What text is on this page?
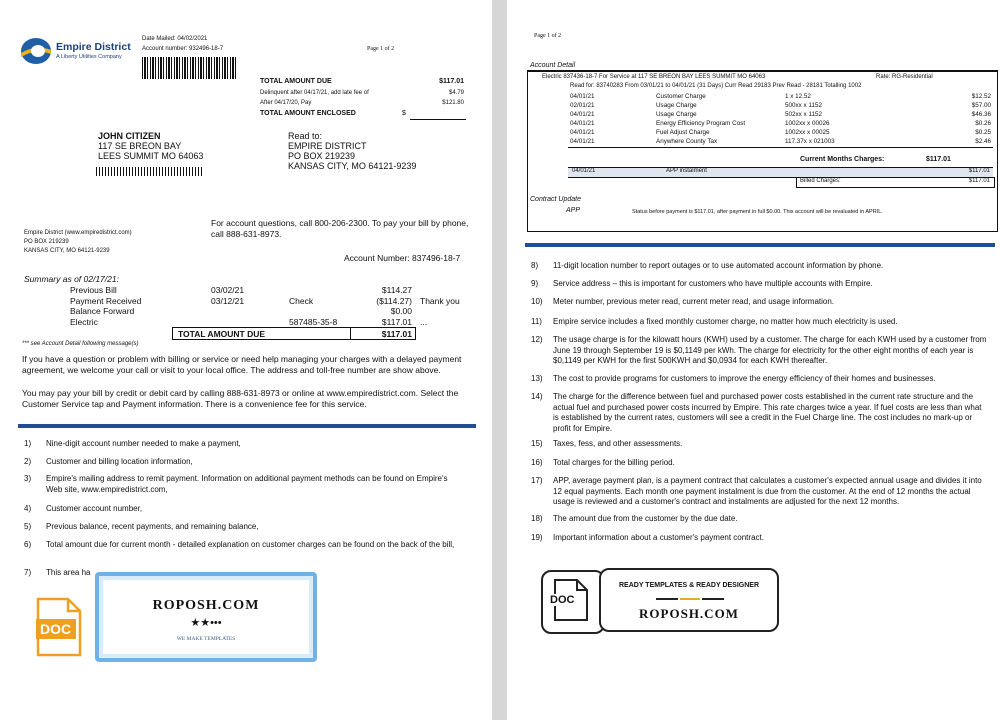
Empire District
A Liberty Utilities Company
Date Mailed: 04/02/2021
Account number: 932496-18-7	Page 1 of 2
TOTAL AMOUNT DUE	$117.01
Delinquent after 04/17/21, add late fee of	$4.79
After 04/17/20, Pay	$121.80
TOTAL AMOUNT ENCLOSED	$
JOHN CITIZEN
117 SE BREON BAY
LEES SUMMIT MO 64063
Read to:
EMPIRE DISTRICT
PO BOX 219239
KANSAS CITY, MO 64121-9239
For account questions, call 800-206-2300. To pay your bill by phone,
call 888-631-8973.
Empire District (www.empiredistrict.com)
PO BOX 219239
KANSAS CITY, MO 64121-9239
Account Number: 837496-18-7
Summary as of 02/17/21:
Previous Bill	03/02/21	$114.27
Payment Received	03/12/21	Check	($114.27) Thank you
Balance Forward	$0.00
Electric	587485-35-8	$117.01 ...
TOTAL AMOUNT DUE	$117.01
*** see Account Detail following message(s)
If you have a question or problem with billing or service or need help managing your charges with a delayed payment agreement, we welcome your call or visit to your local office. The address and toll-free number are show above.
You may pay your bill by credit or debit card by calling 888-631-8973 or online at www.empiredistrict.com. Select the Customer Service tap and Payment information. There is a convenience fee for this service.
1) Nine-digit account number needed to make a payment,
2) Customer and billing location information,
3) Empire's mailing address to remit payment. Information on additional payment methods can be found on Empire's Web site, www.empiredistrict.com,
4) Customer account number,
5) Previous balance, recent payments, and remaining balance,
6) Total amount due for current month - detailed explanation on customer charges can be found on the back of the bill,
7) This area ha
DOC
ROPOSH.COM
★★•••
WE MAKE TEMPLATES
Page 1 of 2
Account Detail
Electric 837436-18-7 For Service at 117 SE BREON BAY LEES SUMMIT MO 64063	Rate: RG-Residential
Read for: 83740283 From 03/01/21 to 04/01/21 (31 Days) Curr Read 29183 Prev Read - 28181 Totalling 1002
04/01/21	Customer Charge	1 x 12.52	$12.52
02/01/21	Usage Charge	500xx x 1152	$57.00
04/01/21	Usage Charge	502xx x 1152	$46.36
04/01/21	Energy Efficiency Program Cost	1002xx x 00026	$0.26
04/01/21	Fuel Adjust Charge	1002xx x 00025	$0.25
04/01/21	Anywhere County Tax	117.37x x 021003	$2.46
Current Months Charges:	$117.01
04/01/21	APP instalment	$117.01
Billed Charges:	$117.01
Contract Update
APP	Status before payment is $117.01, after payment in full $0.00. This account will be revaluated in APRIL.
8) 11-digit location number to report outages or to use automated account information by phone.
9) Service address – this is important for customers who have multiple accounts with Empire.
10) Meter number, previous meter read, current meter read, and usage information.
11) Empire service includes a fixed monthly customer charge, no matter how much electricity is used.
12) The usage charge is for the kilowatt hours (KWH) used by a customer. The charge for each KWH used by a customer from June 19 through September 19 is $0,1149 per kWh. The charge for electricity for the other eight months of each year is $0,1149 per KWH for the first 500KWH and $0,0934 for each KWH thereafter.
13) The cost to provide programs for customers to improve the energy efficiency of their homes and businesses.
14) The charge for the difference between fuel and purchased power costs established in the current rate structure and the actual fuel and purchased power costs incurred by Empire. This rate charges twice a year. If fuel costs are less than what is established by the current rates, customers will see a credit in the Fuel Charge line. The cost includes no mark-up or profit for Empire.
15) Taxes, fess, and other assessments.
16) Total charges for the billing period.
17) APP, average payment plan, is a payment contract that calculates a customer's expected annual usage and divides it into 12 equal payments. Each month one payment instalment is due from the customer. At the end of 12 months the actual usage is reviewed and a customer's contract and instalments are adjusted for the next 12 months.
18) The amount due from the customer by the due date.
19) Important information about a customer's payment contract.
DOC
READY TEMPLATES & READY DESIGNER
ROPOSH.COM
